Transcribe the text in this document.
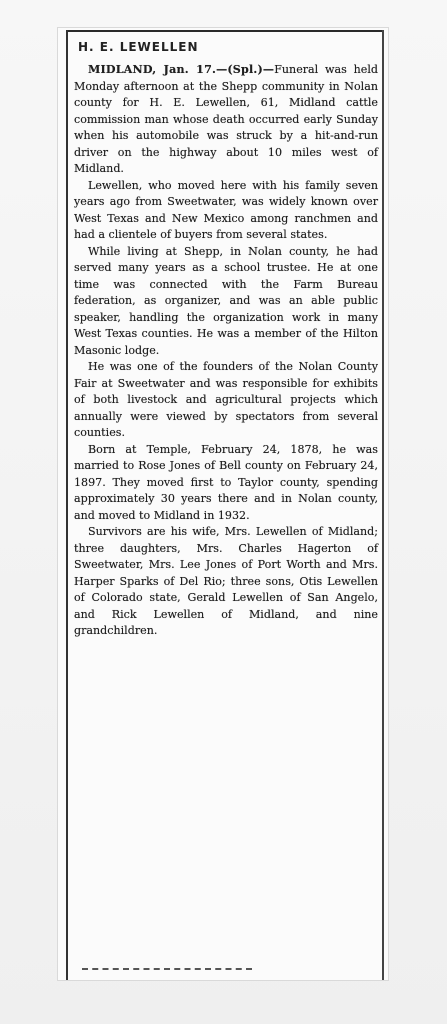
H. E. LEWELLEN

MIDLAND, Jan. 17.—(Spl.)—Funeral was held Monday afternoon at the Shepp community in Nolan county for H. E. Lewellen, 61, Midland cattle commission man whose death occurred early Sunday when his automobile was struck by a hit-and-run driver on the highway about 10 miles west of Midland.

Lewellen, who moved here with his family seven years ago from Sweetwater, was widely known over West Texas and New Mexico among ranchmen and had a clientele of buyers from several states.

While living at Shepp, in Nolan county, he had served many years as a school trustee. He at one time was connected with the Farm Bureau federation, as organizer, and was an able public speaker, handling the organization work in many West Texas counties. He was a member of the Hilton Masonic lodge.

He was one of the founders of the Nolan County Fair at Sweetwater and was responsible for exhibits of both livestock and agricultural projects which annually were viewed by spectators from several counties.

Born at Temple, February 24, 1878, he was married to Rose Jones of Bell county on February 24, 1897. They moved first to Taylor county, spending approximately 30 years there and in Nolan county, and moved to Midland in 1932.

Survivors are his wife, Mrs. Lewellen of Midland; three daughters, Mrs. Charles Hagerton of Sweetwater, Mrs. Lee Jones of Port Worth and Mrs. Harper Sparks of Del Rio; three sons, Otis Lewellen of Colorado state, Gerald Lewellen of San Angelo, and Rick Lewellen of Midland, and nine grandchildren.
